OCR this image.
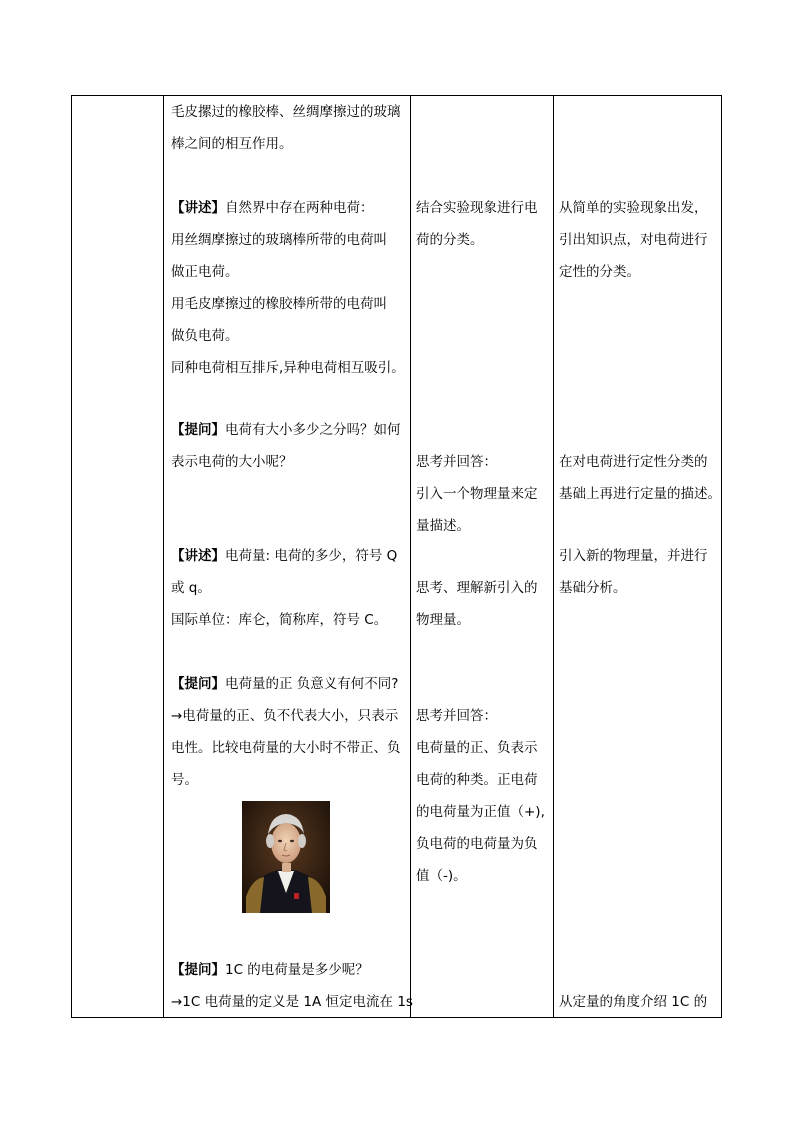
毛皮摞过的橡胶棒、丝绸摩擦过的玻璃
棒之间的相互作用。
【讲述】自然界中存在两种电荷：
用丝绸摩擦过的玻璃棒所带的电荷叫
做正电荷。
用毛皮摩擦过的橡胶棒所带的电荷叫
做负电荷。
同种电荷相互排斥,异种电荷相互吸引。
【提问】电荷有大小多少之分吗？如何
表示电荷的大小呢？
【讲述】电荷量: 电荷的多少，符号 Q
或 q。
国际单位：库仑，简称库，符号 C。
【提问】电荷量的正 负意义有何不同?
→电荷量的正、负不代表大小，只表示
电性。比较电荷量的大小时不带正、负
号。
【提问】1C 的电荷量是多少呢？
→1C 电荷量的定义是 1A 恒定电流在 1s
结合实验现象进行电
荷的分类。
思考并回答：
引入一个物理量来定
量描述。
思考、理解新引入的
物理量。
思考并回答：
电荷量的正、负表示
电荷的种类。正电荷
的电荷量为正值（+),
负电荷的电荷量为负
值（-)。
从简单的实验现象出发，
引出知识点，对电荷进行
定性的分类。
在对电荷进行定性分类的
基础上再进行定量的描述。
引入新的物理量，并进行
基础分析。
从定量的角度介绍 1C 的
